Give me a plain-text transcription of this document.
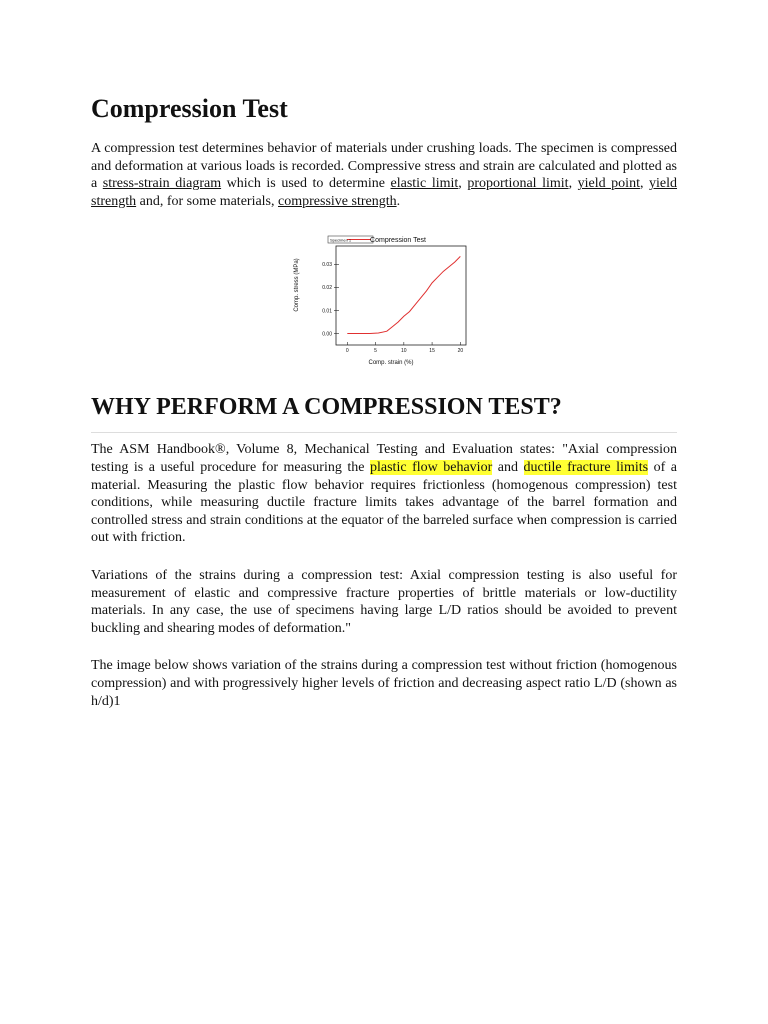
Compression Test

A compression test determines behavior of materials under crushing loads. The specimen is compressed and deformation at various loads is recorded. Compressive stress and strain are calculated and plotted as a stress-strain diagram which is used to determine elastic limit, proportional limit, yield point, yield strength and, for some materials, compressive strength.

0	5	10	15	20
0.00
0.01
0.02
0.03
Specimen 1	Compression Test
Comp. strain (%)
Comp. stress (MPa)
WHY PERFORM A COMPRESSION TEST?

The ASM Handbook®, Volume 8, Mechanical Testing and Evaluation states: "Axial compression testing is a useful procedure for measuring the plastic flow behavior and ductile fracture limits of a material. Measuring the plastic flow behavior requires frictionless (homogenous compression) test conditions, while measuring ductile fracture limits takes advantage of the barrel formation and controlled stress and strain conditions at the equator of the barreled surface when compression is carried out with friction.

Variations of the strains during a compression test: Axial compression testing is also useful for measurement of elastic and compressive fracture properties of brittle materials or low-ductility materials. In any case, the use of specimens having large L/D ratios should be avoided to prevent buckling and shearing modes of deformation."

The image below shows variation of the strains during a compression test without friction (homogenous compression) and with progressively higher levels of friction and decreasing aspect ratio L/D (shown as h/d)1
